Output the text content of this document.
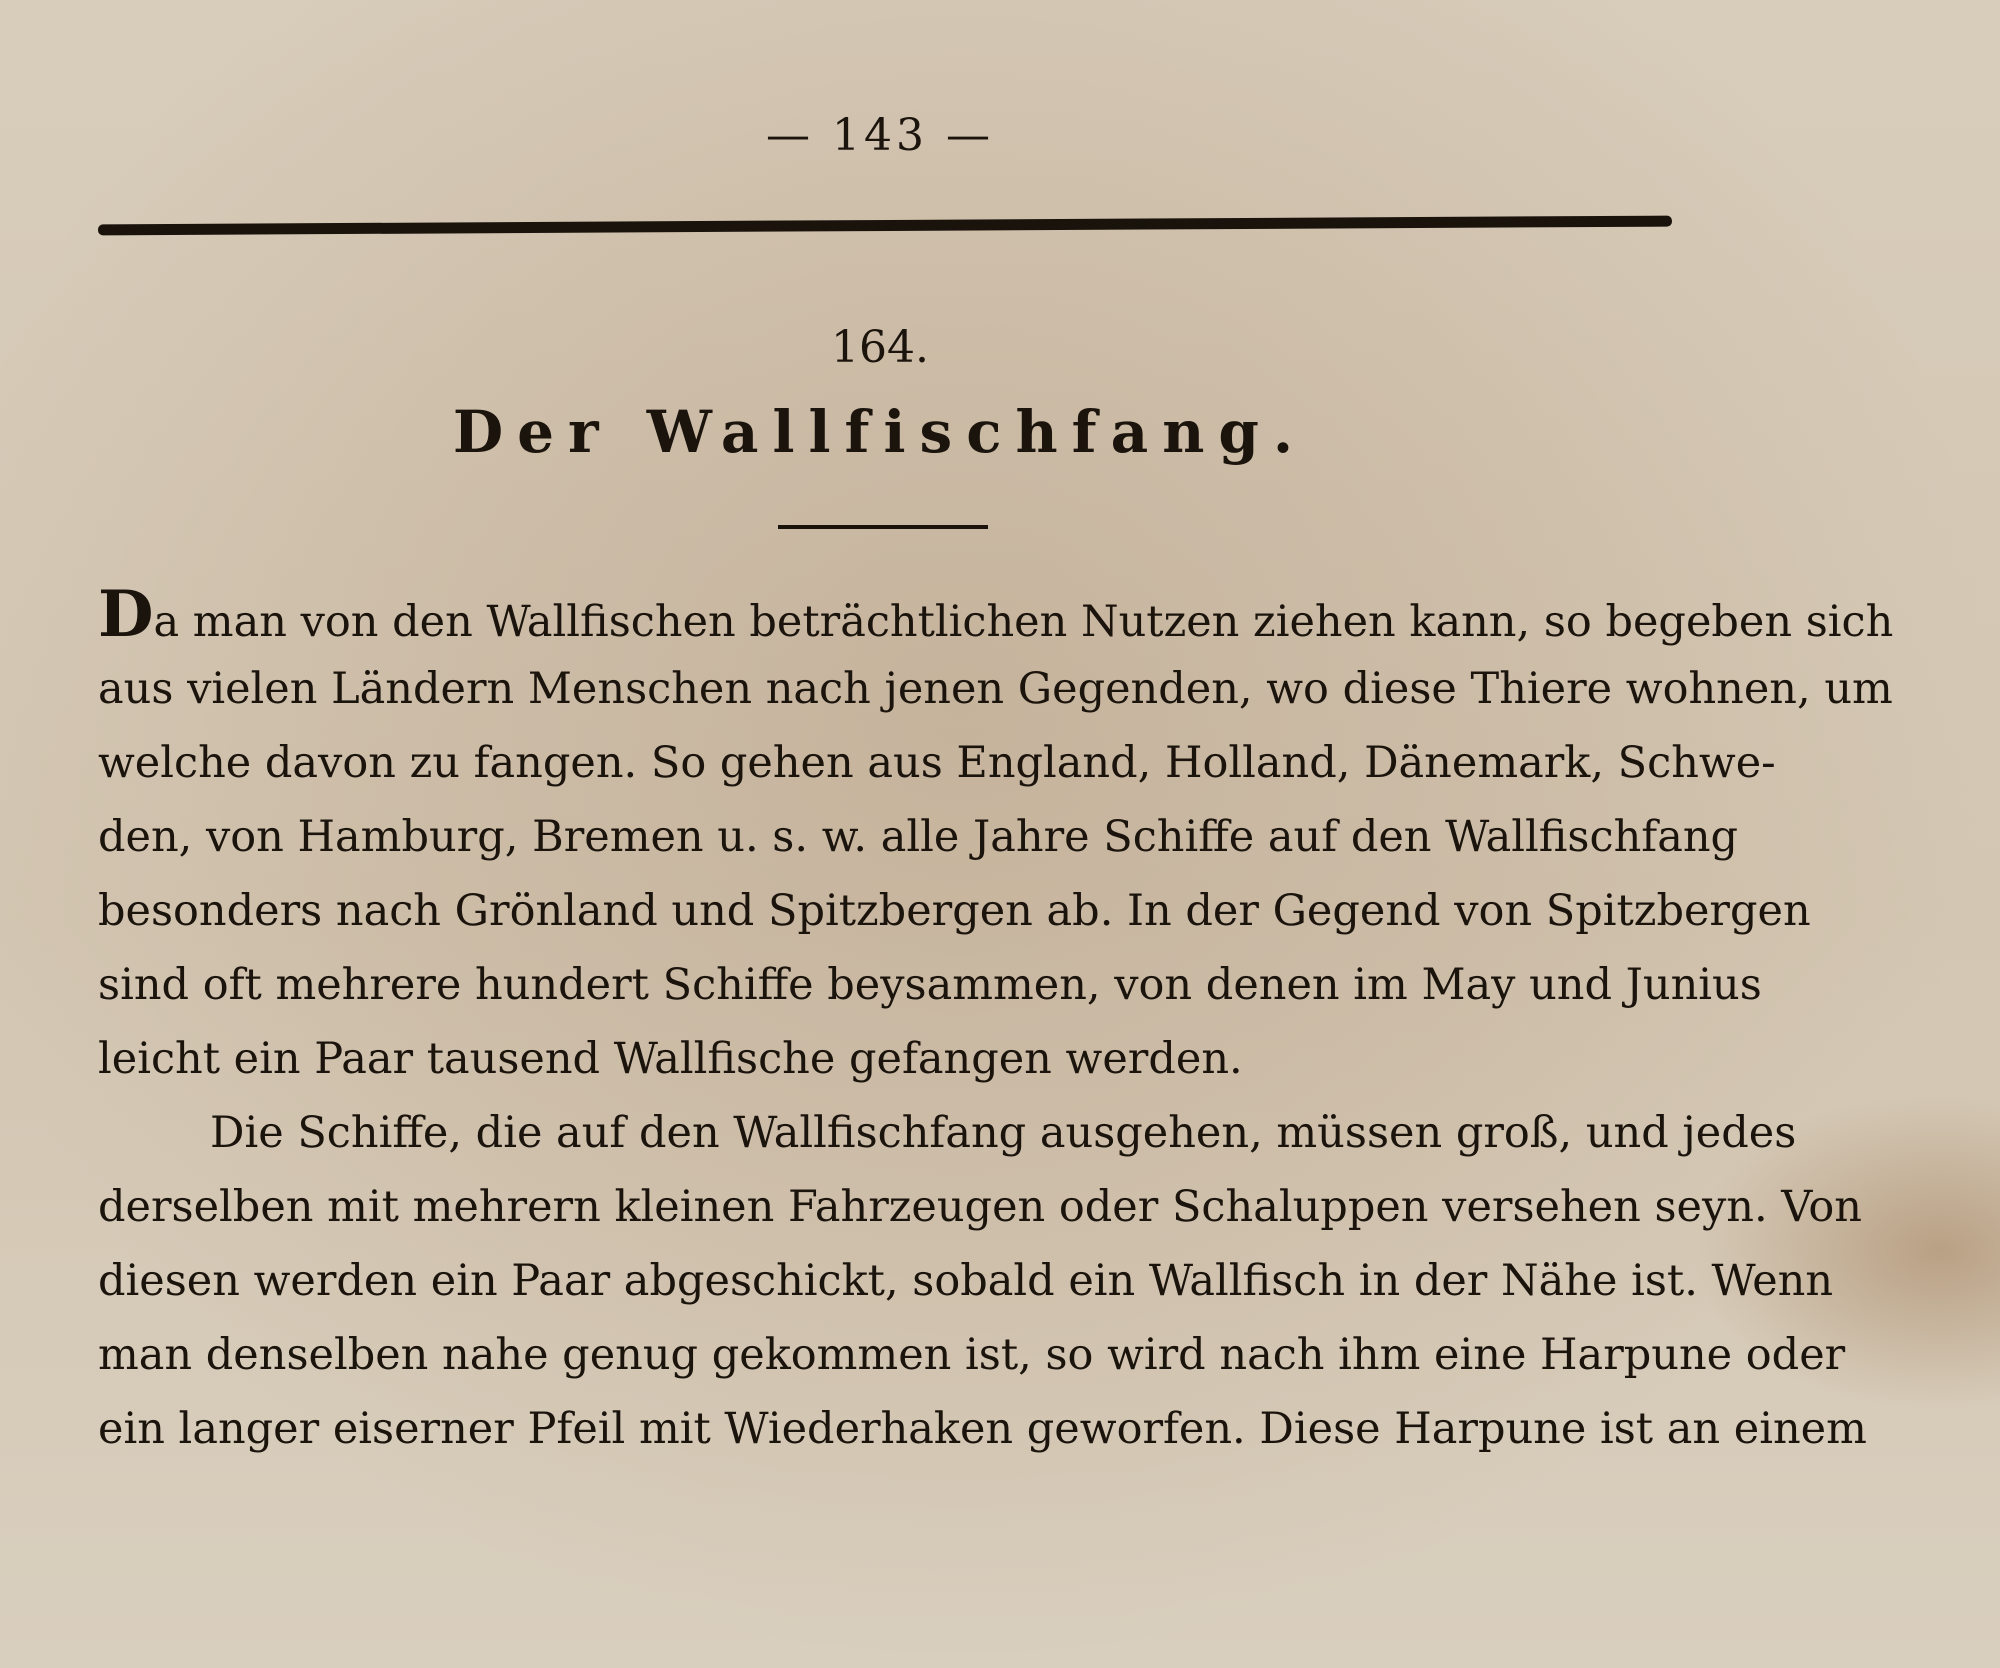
— 143 —
164.
Der Wallfischfang.
Da man von den Wallfischen beträchtlichen Nutzen ziehen kann, so begeben sich
aus vielen Ländern Menschen nach jenen Gegenden, wo diese Thiere wohnen, um
welche davon zu fangen. So gehen aus England, Holland, Dänemark, Schwe-
den, von Hamburg, Bremen u. s. w. alle Jahre Schiffe auf den Wallfischfang
besonders nach Grönland und Spitzbergen ab. In der Gegend von Spitzbergen
sind oft mehrere hundert Schiffe beysammen, von denen im May und Junius
leicht ein Paar tausend Wallfische gefangen werden.
Die Schiffe, die auf den Wallfischfang ausgehen, müssen groß, und jedes
derselben mit mehrern kleinen Fahrzeugen oder Schaluppen versehen seyn. Von
diesen werden ein Paar abgeschickt, sobald ein Wallfisch in der Nähe ist. Wenn
man denselben nahe genug gekommen ist, so wird nach ihm eine Harpune oder
ein langer eiserner Pfeil mit Wiederhaken geworfen. Diese Harpune ist an einem
